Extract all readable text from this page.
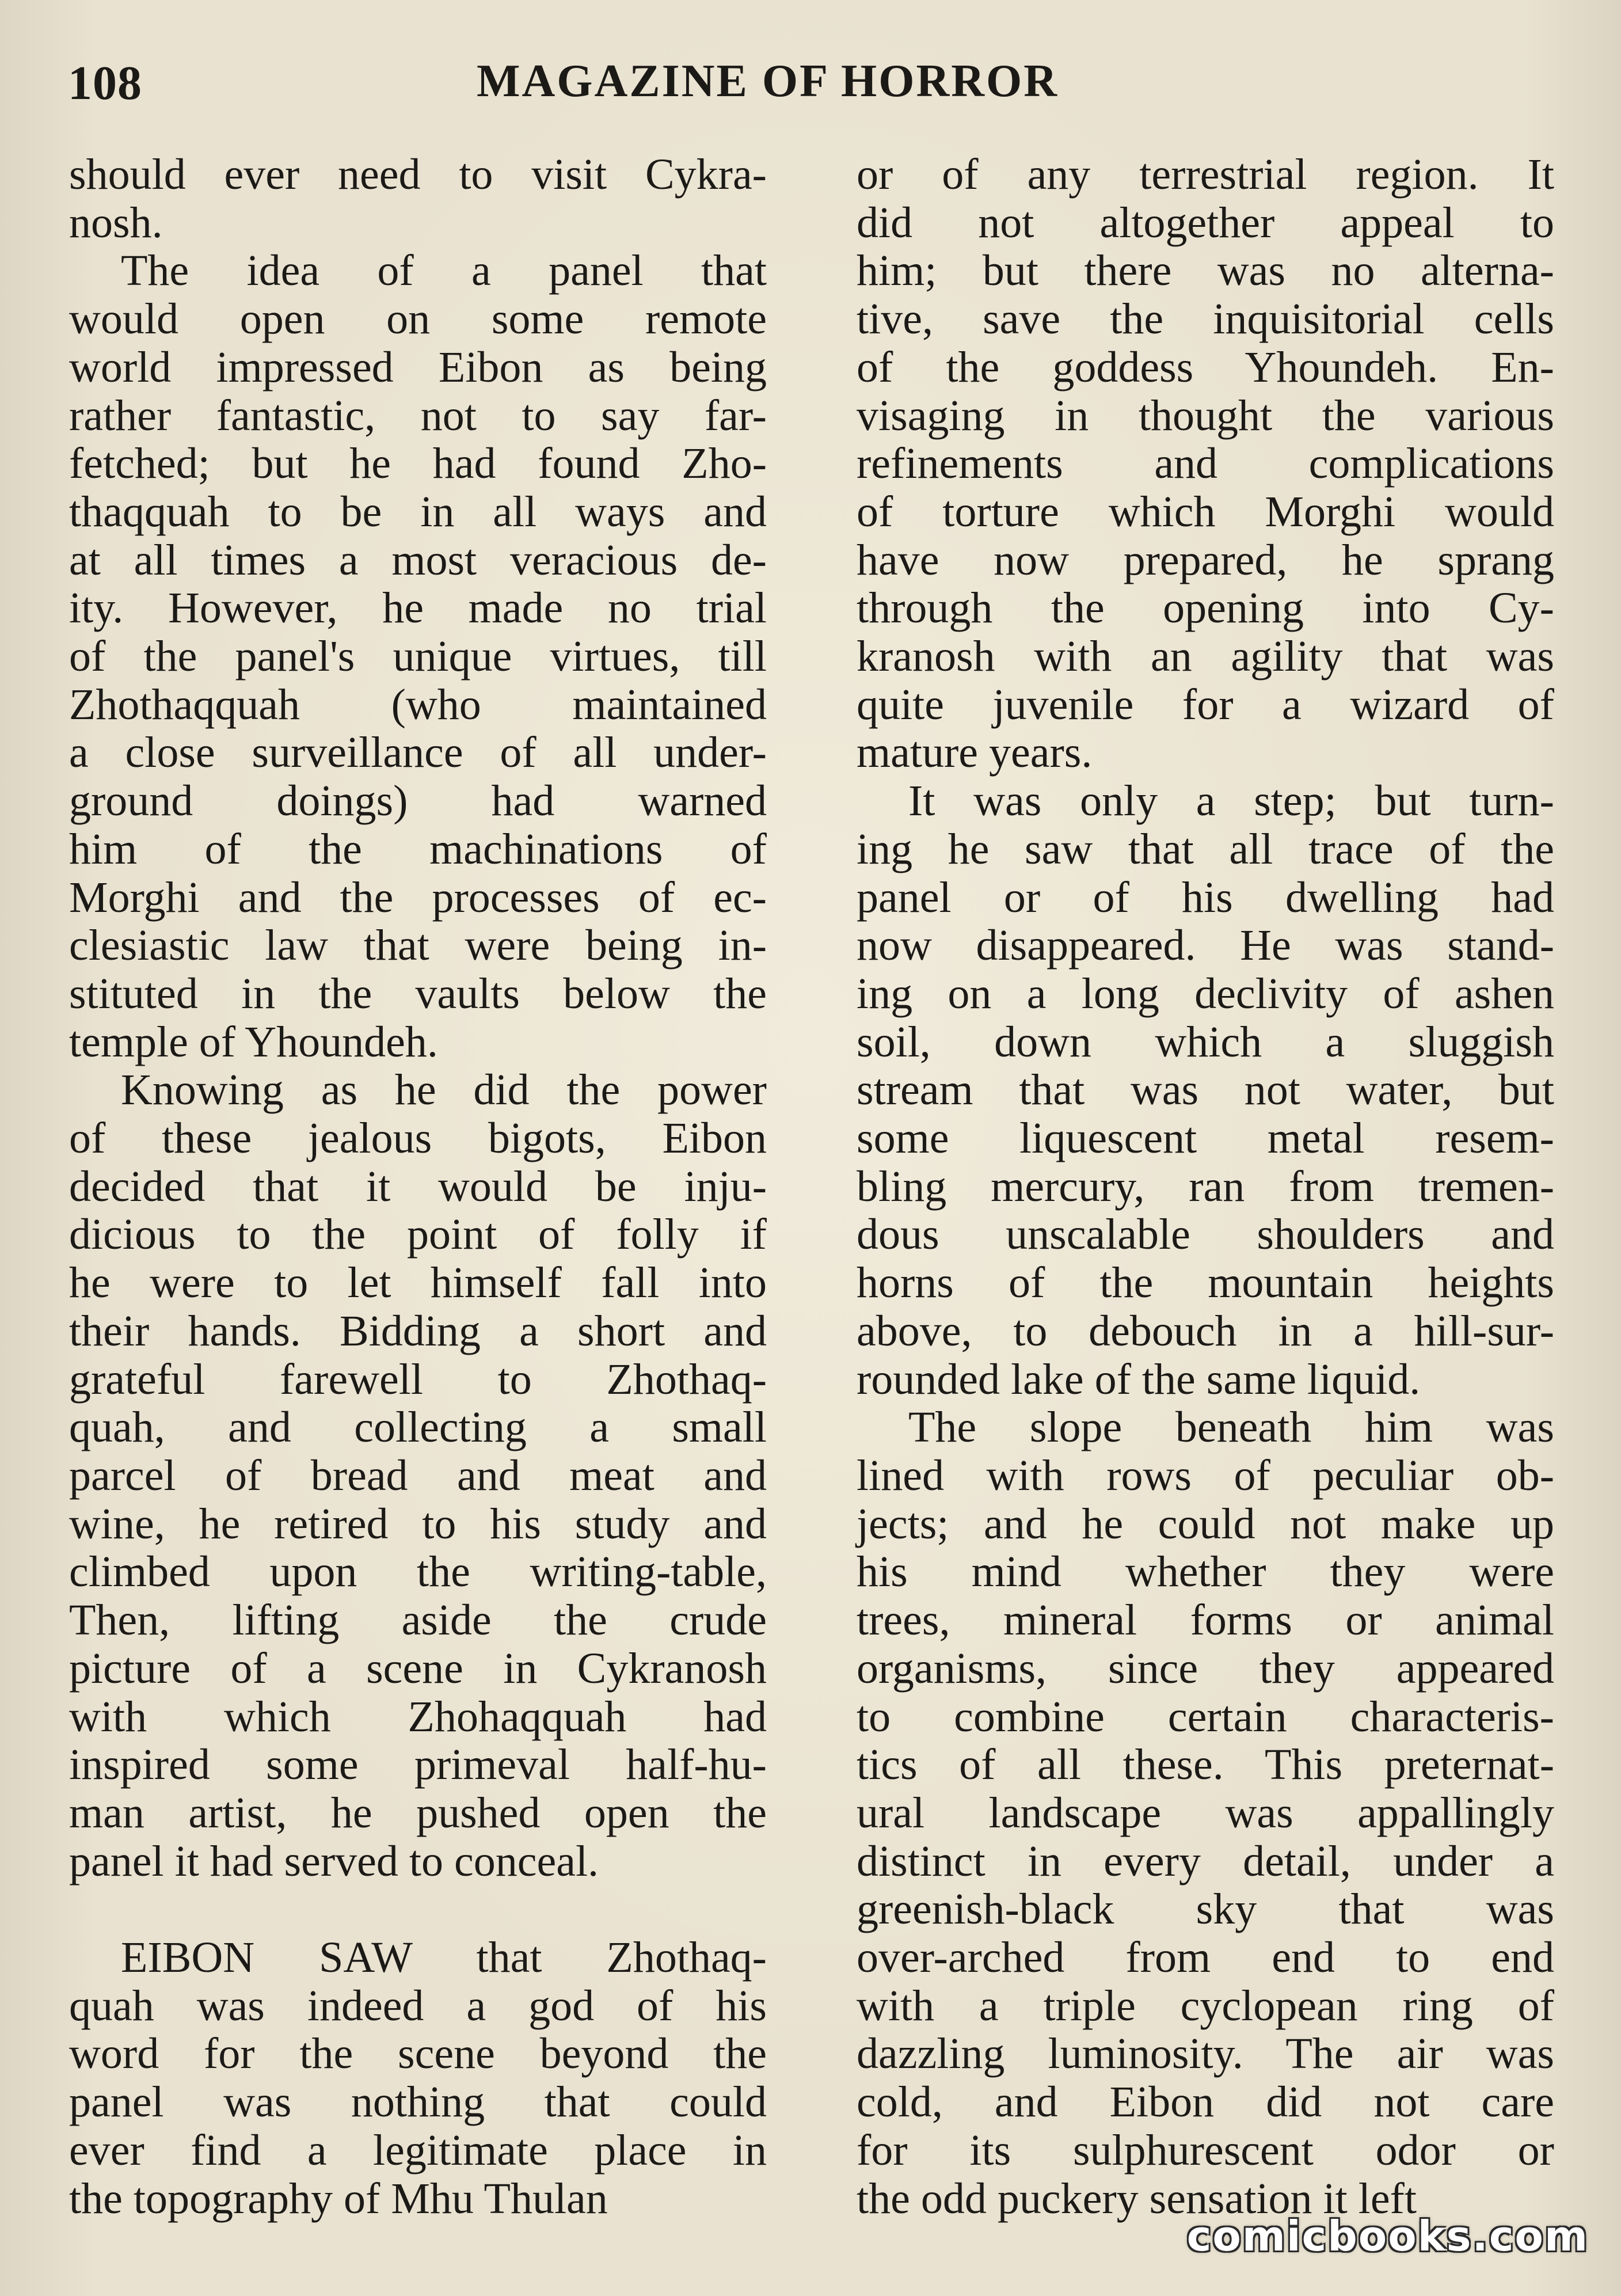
108	MAGAZINE OF HORROR

should ever need to visit Cykra-
nosh.

The idea of a panel that
would open on some remote
world impressed Eibon as being
rather fantastic, not to say far-
fetched; but he had found Zho-
thaqquah to be in all ways and
at all times a most veracious de-
ity. However, he made no trial
of the panel's unique virtues, till
Zhothaqquah (who maintained
a close surveillance of all under-
ground doings) had warned
him of the machinations of
Morghi and the processes of ec-
clesiastic law that were being in-
stituted in the vaults below the
temple of Yhoundeh.

Knowing as he did the power
of these jealous bigots, Eibon
decided that it would be inju-
dicious to the point of folly if
he were to let himself fall into
their hands. Bidding a short and
grateful farewell to Zhothaq-
quah, and collecting a small
parcel of bread and meat and
wine, he retired to his study and
climbed upon the writing-table,
Then, lifting aside the crude
picture of a scene in Cykranosh
with which Zhohaqquah had
inspired some primeval half-hu-
man artist, he pushed open the
panel it had served to conceal.

EIBON SAW that Zhothaq-
quah was indeed a god of his
word for the scene beyond the
panel was nothing that could
ever find a legitimate place in
the topography of Mhu Thulan

or of any terrestrial region. It
did not altogether appeal to
him; but there was no alterna-
tive, save the inquisitorial cells
of the goddess Yhoundeh. En-
visaging in thought the various
refinements and complications
of torture which Morghi would
have now prepared, he sprang
through the opening into Cy-
kranosh with an agility that was
quite juvenile for a wizard of
mature years.

It was only a step; but turn-
ing he saw that all trace of the
panel or of his dwelling had
now disappeared. He was stand-
ing on a long declivity of ashen
soil, down which a sluggish
stream that was not water, but
some liquescent metal resem-
bling mercury, ran from tremen-
dous unscalable shoulders and
horns of the mountain heights
above, to debouch in a hill-sur-
rounded lake of the same liquid.

The slope beneath him was
lined with rows of peculiar ob-
jects; and he could not make up
his mind whether they were
trees, mineral forms or animal
organisms, since they appeared
to combine certain characteris-
tics of all these. This preternat-
ural landscape was appallingly
distinct in every detail, under a
greenish-black sky that was
over-arched from end to end
with a triple cyclopean ring of
dazzling luminosity. The air was
cold, and Eibon did not care
for its sulphurescent odor or
the odd puckery sensation it left

comicbooks.com
